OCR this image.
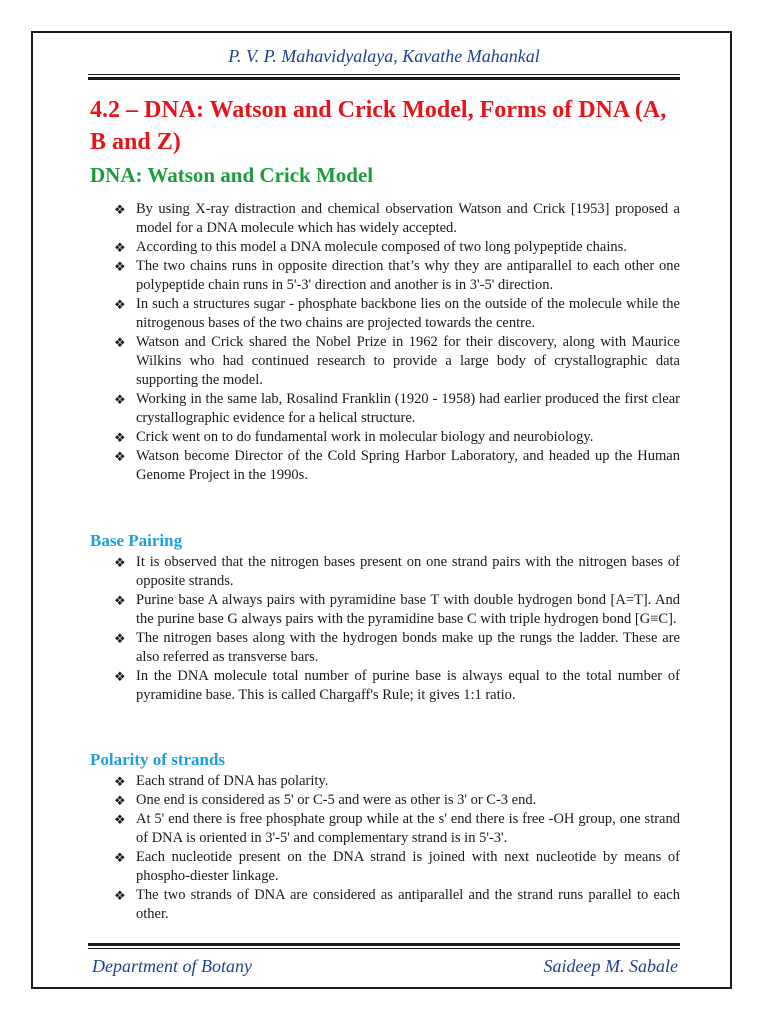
P. V. P. Mahavidyalaya, Kavathe Mahankal
4.2 – DNA: Watson and Crick Model, Forms of DNA (A, B and Z)
DNA: Watson and Crick Model
❖ By using X-ray distraction and chemical observation Watson and Crick [1953] proposed a model for a DNA molecule which has widely accepted.
❖ According to this model a DNA molecule composed of two long polypeptide chains.
❖ The two chains runs in opposite direction that’s why they are antiparallel to each other one polypeptide chain runs in 5'-3' direction and another is in 3'-5' direction.
❖ In such a structures sugar - phosphate backbone lies on the outside of the molecule while the nitrogenous bases of the two chains are projected towards the centre.
❖ Watson and Crick shared the Nobel Prize in 1962 for their discovery, along with Maurice Wilkins who had continued research to provide a large body of crystallographic data supporting the model.
❖ Working in the same lab, Rosalind Franklin (1920 - 1958) had earlier produced the first clear crystallographic evidence for a helical structure.
❖ Crick went on to do fundamental work in molecular biology and neurobiology.
❖ Watson become Director of the Cold Spring Harbor Laboratory, and headed up the Human Genome Project in the 1990s.
Base Pairing
❖ It is observed that the nitrogen bases present on one strand pairs with the nitrogen bases of opposite strands.
❖ Purine base A always pairs with pyramidine base T with double hydrogen bond [A=T]. And the purine base G always pairs with the pyramidine base C with triple hydrogen bond [G≡C].
❖ The nitrogen bases along with the hydrogen bonds make up the rungs the ladder. These are also referred as transverse bars.
❖ In the DNA molecule total number of purine base is always equal to the total number of pyramidine base. This is called Chargaff's Rule; it gives 1:1 ratio.
Polarity of strands
❖ Each strand of DNA has polarity.
❖ One end is considered as 5' or C-5 and were as other is 3' or C-3 end.
❖ At 5' end there is free phosphate group while at the s' end there is free -OH group, one strand of DNA is oriented in 3'-5' and complementary strand is in 5'-3'.
❖ Each nucleotide present on the DNA strand is joined with next nucleotide by means of phospho-diester linkage.
❖ The two strands of DNA are considered as antiparallel and the strand runs parallel to each other.
Department of Botany	Saideep M. Sabale
